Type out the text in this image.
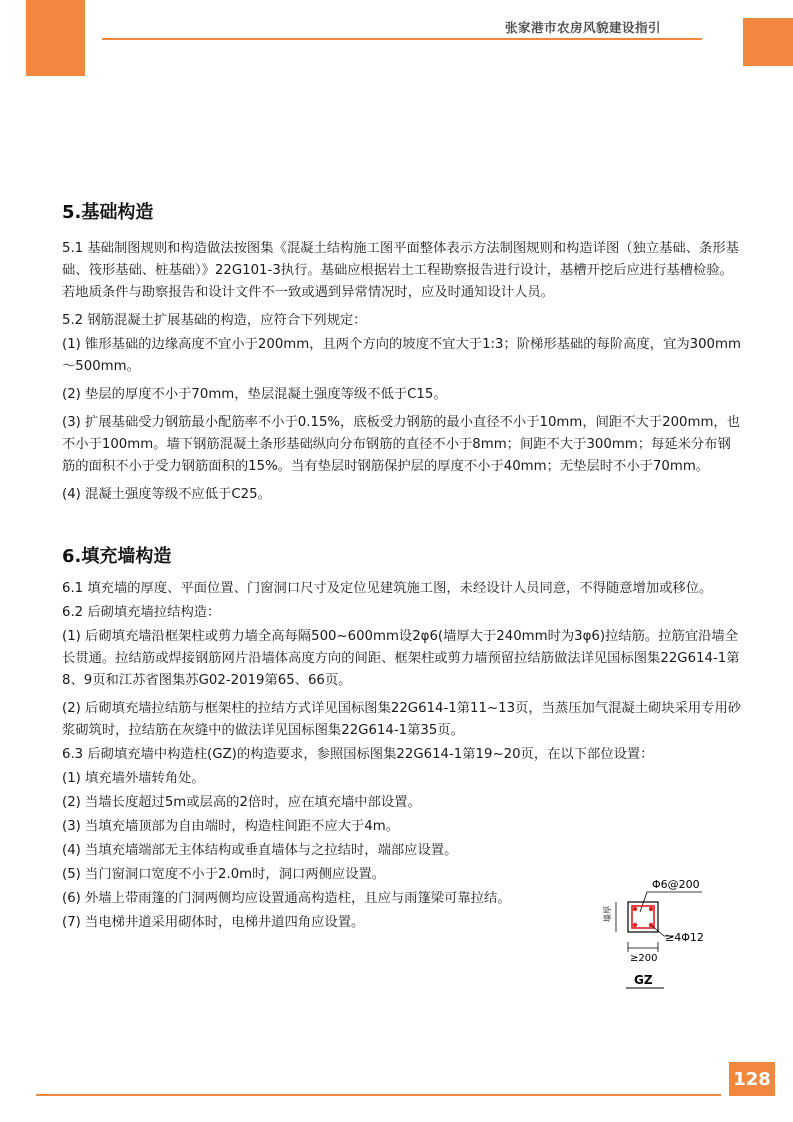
张家港市农房风貌建设指引
5.基础构造

5.1 基础制图规则和构造做法按图集《混凝土结构施工图平面整体表示方法制图规则和构造详图（独立基础、条形基础、筏形基础、桩基础）》22G101-3执行。基础应根据岩土工程勘察报告进行设计，基槽开挖后应进行基槽检验。若地质条件与勘察报告和设计文件不一致或遇到异常情况时，应及时通知设计人员。

5.2 钢筋混凝土扩展基础的构造，应符合下列规定：

(1) 锥形基础的边缘高度不宜小于200mm，且两个方向的坡度不宜大于1:3；阶梯形基础的每阶高度，宜为300mm～500mm。

(2) 垫层的厚度不小于70mm，垫层混凝土强度等级不低于C15。

(3) 扩展基础受力钢筋最小配筋率不小于0.15%，底板受力钢筋的最小直径不小于10mm，间距不大于200mm，也不小于100mm。墙下钢筋混凝土条形基础纵向分布钢筋的直径不小于8mm；间距不大于300mm；每延米分布钢筋的面积不小于受力钢筋面积的15%。当有垫层时钢筋保护层的厚度不小于40mm；无垫层时不小于70mm。

(4) 混凝土强度等级不应低于C25。

6.填充墙构造

6.1 填充墙的厚度、平面位置、门窗洞口尺寸及定位见建筑施工图，未经设计人员同意，不得随意增加或移位。

6.2 后砌填充墙拉结构造：

(1) 后砌填充墙沿框架柱或剪力墙全高每隔500~600mm设2φ6(墙厚大于240mm时为3φ6)拉结筋。拉筋宜沿墙全长贯通。拉结筋或焊接钢筋网片沿墙体高度方向的间距、框架柱或剪力墙预留拉结筋做法详见国标图集22G614-1第8、9页和江苏省图集苏G02-2019第65、66页。

(2) 后砌填充墙拉结筋与框架柱的拉结方式详见国标图集22G614-1第11~13页，当蒸压加气混凝土砌块采用专用砂浆砌筑时，拉结筋在灰缝中的做法详见国标图集22G614-1第35页。

6.3 后砌填充墙中构造柱(GZ)的构造要求，参照国标图集22G614-1第19~20页，在以下部位设置：

(1) 填充墙外墙转角处。

(2) 当墙长度超过5m或层高的2倍时，应在填充墙中部设置。

(3) 当填充墙顶部为自由端时，构造柱间距不应大于4m。

(4) 当填充墙端部无主体结构或垂直墙体与之拉结时，端部应设置。

(5) 当门窗洞口宽度不小于2.0m时，洞口两侧应设置。

(6) 外墙上带雨篷的门洞两侧均应设置通高构造柱，且应与雨篷梁可靠拉结。

(7) 当电梯井道采用砌体时，电梯井道四角应设置。

Φ6@200
墙厚
≥4Φ12
≥200
GZ
128
